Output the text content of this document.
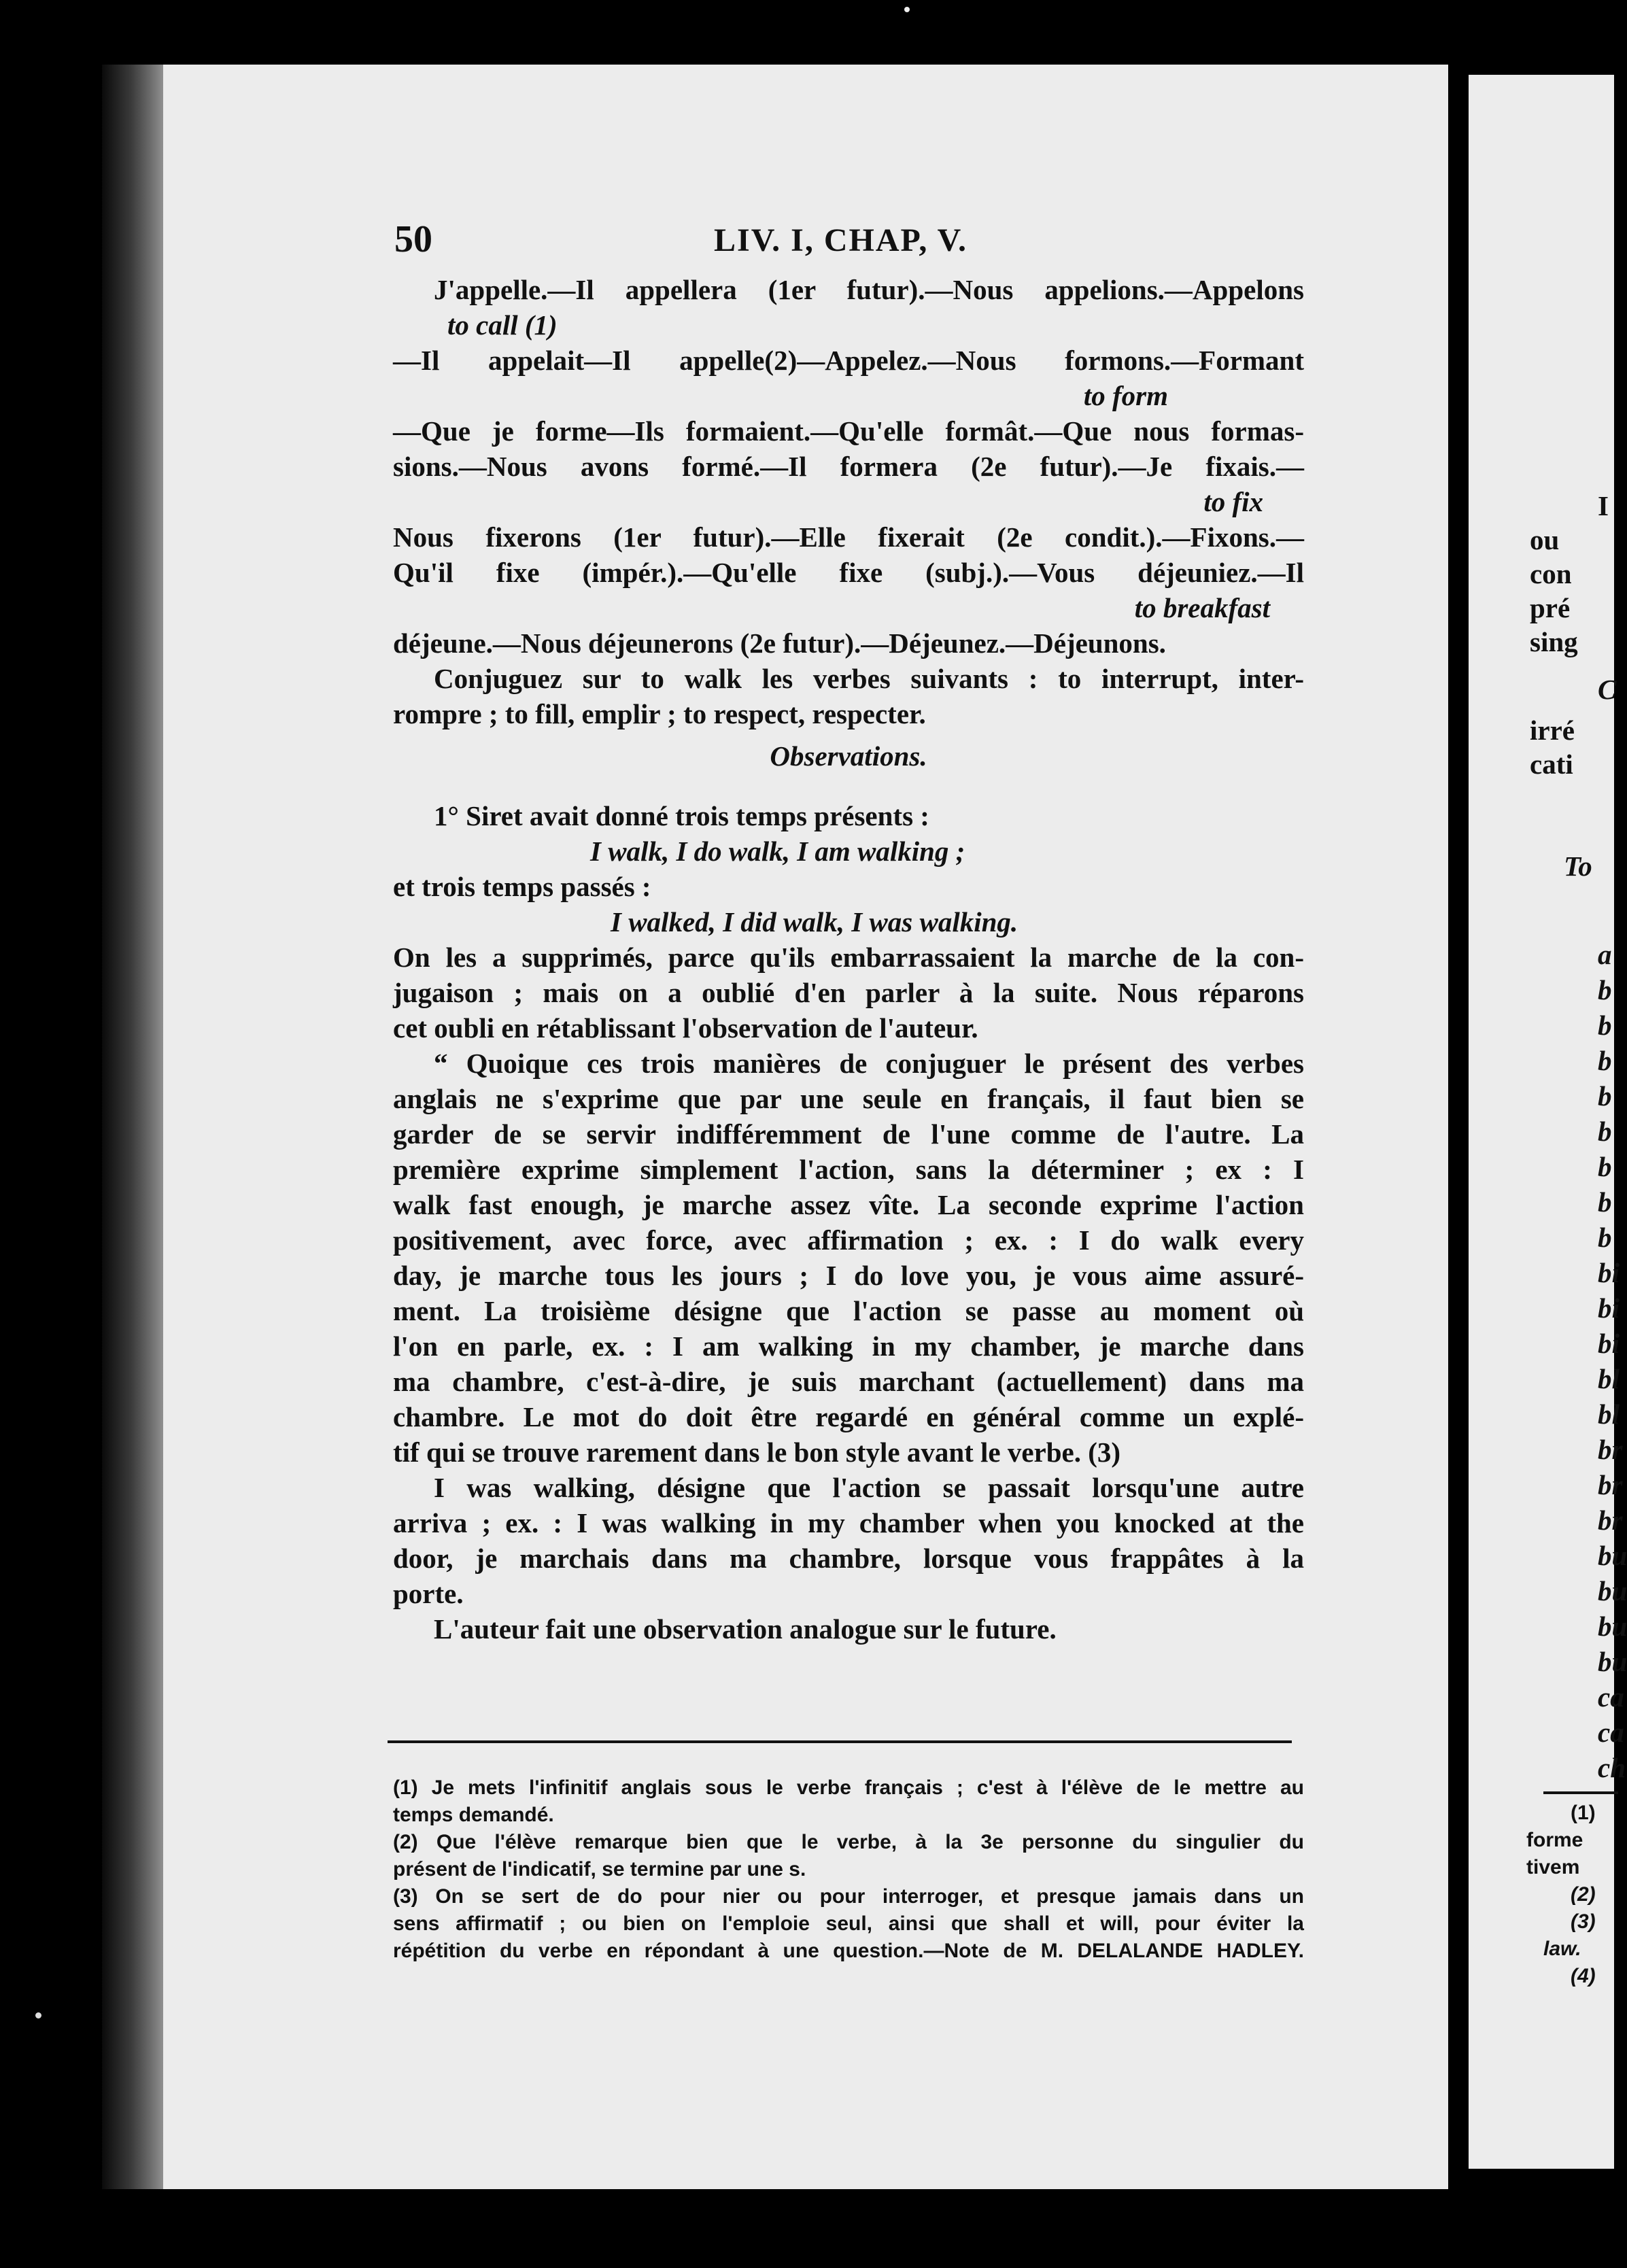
50	LIV. I, CHAP, V.
J'appelle.—Il appellera (1er futur).—Nous appelions.—Appelons
to call (1)
—Il appelait—Il appelle(2)—Appelez.—Nous formons.—Formant
to form
—Que je forme—Ils formaient.—Qu'elle formât.—Que nous formas-
sions.—Nous avons formé.—Il formera (2e futur).—Je fixais.—
to fix
Nous fixerons (1er futur).—Elle fixerait (2e condit.).—Fixons.—
Qu'il fixe (impér.).—Qu'elle fixe (subj.).—Vous déjeuniez.—Il
to breakfast
déjeune.—Nous déjeunerons (2e futur).—Déjeunez.—Déjeunons.
Conjuguez sur to walk les verbes suivants : to interrupt, inter-
rompre ; to fill, emplir ; to respect, respecter.
Observations.
1° Siret avait donné trois temps présents :
I walk, I do walk, I am walking ;
et trois temps passés :
I walked, I did walk, I was walking.
On les a supprimés, parce qu'ils embarrassaient la marche de la con-
jugaison ; mais on a oublié d'en parler à la suite. Nous réparons
cet oubli en rétablissant l'observation de l'auteur.
“ Quoique ces trois manières de conjuguer le présent des verbes
anglais ne s'exprime que par une seule en français, il faut bien se
garder de se servir indifféremment de l'une comme de l'autre. La
première exprime simplement l'action, sans la déterminer ; ex : I
walk fast enough, je marche assez vîte. La seconde exprime l'action
positivement, avec force, avec affirmation ; ex. : I do walk every
day, je marche tous les jours ; I do love you, je vous aime assuré-
ment. La troisième désigne que l'action se passe au moment où
l'on en parle, ex. : I am walking in my chamber, je marche dans
ma chambre, c'est-à-dire, je suis marchant (actuellement) dans ma
chambre. Le mot do doit être regardé en général comme un explé-
tif qui se trouve rarement dans le bon style avant le verbe. (3)
I was walking, désigne que l'action se passait lorsqu'une autre
arriva ; ex. : I was walking in my chamber when you knocked at the
door, je marchais dans ma chambre, lorsque vous frappâtes à la
porte.
L'auteur fait une observation analogue sur le future.
(1) Je mets l'infinitif anglais sous le verbe français ; c'est à l'élève de le mettre au
temps demandé.
(2) Que l'élève remarque bien que le verbe, à la 3e personne du singulier du
présent de l'indicatif, se termine par une s.
(3) On se sert de do pour nier ou pour interroger, et presque jamais dans un
sens affirmatif ; ou bien on l'emploie seul, ainsi que shall et will, pour éviter la
répétition du verbe en répondant à une question.—Note de M. DELALANDE HADLEY.
I
ou
con
pré
sing
C
irré
cati
To
a
b
b
b
b
b
b
b
b
bi
bi
bi
bl
bl
br
br
br
bu
bu
bu
bu
ca
ca
ch
(1)
forme
tivem
(2)
(3)
law.
(4)
